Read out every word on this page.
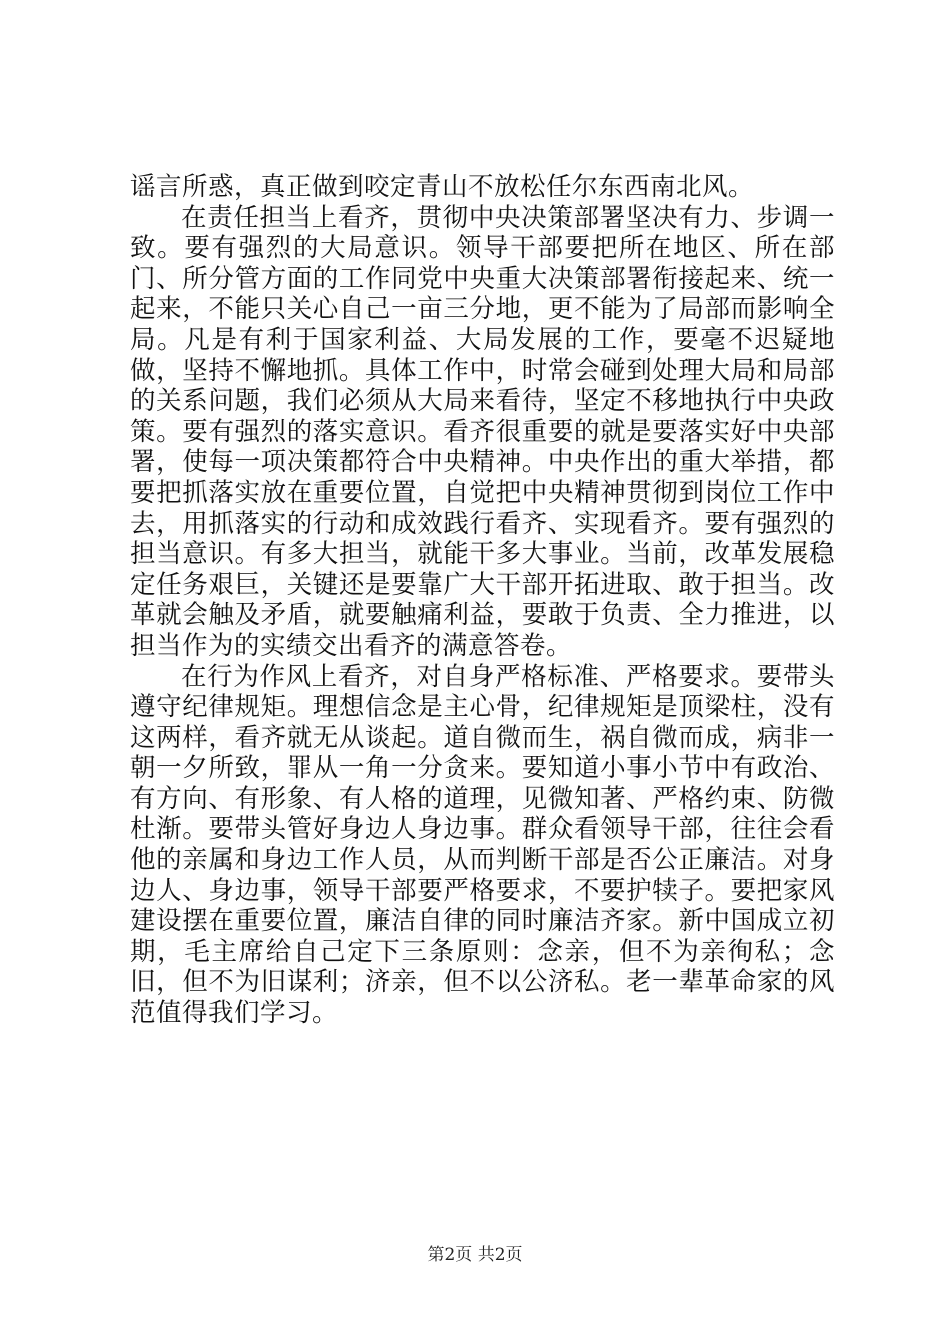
谣言所惑，真正做到咬定青山不放松任尔东西南北风。

在责任担当上看齐，贯彻中央决策部署坚决有力、步调一致。要有强烈的大局意识。领导干部要把所在地区、所在部门、所分管方面的工作同党中央重大决策部署衔接起来、统一起来，不能只关心自己一亩三分地，更不能为了局部而影响全局。凡是有利于国家利益、大局发展的工作，要毫不迟疑地做，坚持不懈地抓。具体工作中，时常会碰到处理大局和局部的关系问题，我们必须从大局来看待，坚定不移地执行中央政策。要有强烈的落实意识。看齐很重要的就是要落实好中央部署，使每一项决策都符合中央精神。中央作出的重大举措，都要把抓落实放在重要位置，自觉把中央精神贯彻到岗位工作中去，用抓落实的行动和成效践行看齐、实现看齐。要有强烈的担当意识。有多大担当，就能干多大事业。当前，改革发展稳定任务艰巨，关键还是要靠广大干部开拓进取、敢于担当。改革就会触及矛盾，就要触痛利益，要敢于负责、全力推进，以担当作为的实绩交出看齐的满意答卷。

在行为作风上看齐，对自身严格标准、严格要求。要带头遵守纪律规矩。理想信念是主心骨，纪律规矩是顶梁柱，没有这两样，看齐就无从谈起。道自微而生，祸自微而成，病非一朝一夕所致，罪从一角一分贪来。要知道小事小节中有政治、有方向、有形象、有人格的道理，见微知著、严格约束、防微杜渐。要带头管好身边人身边事。群众看领导干部，往往会看他的亲属和身边工作人员，从而判断干部是否公正廉洁。对身边人、身边事，领导干部要严格要求，不要护犊子。要把家风建设摆在重要位置，廉洁自律的同时廉洁齐家。新中国成立初期，毛主席给自己定下三条原则：念亲，但不为亲徇私；念旧，但不为旧谋利；济亲，但不以公济私。老一辈革命家的风范值得我们学习。

第2页 共2页
